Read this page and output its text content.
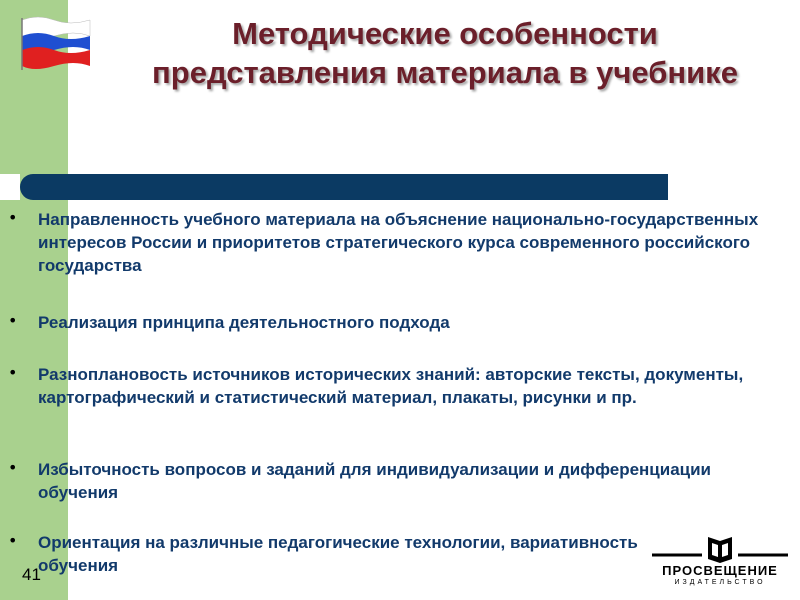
Методические особенности
представления материала в учебнике
• Направленность учебного материала на объяснение национально-государственных интересов России и приоритетов стратегического курса современного российского государства
• Реализация принципа деятельностного подхода
• Разноплановость источников исторических знаний: авторские тексты, документы, картографический и статистический материал, плакаты, рисунки и пр.
• Избыточность вопросов и заданий для индивидуализации и дифференциации обучения
• Ориентация на различные педагогические технологии, вариативность обучения
41	ПРОСВЕЩЕНИЕ
ИЗДАТЕЛЬСТВО
